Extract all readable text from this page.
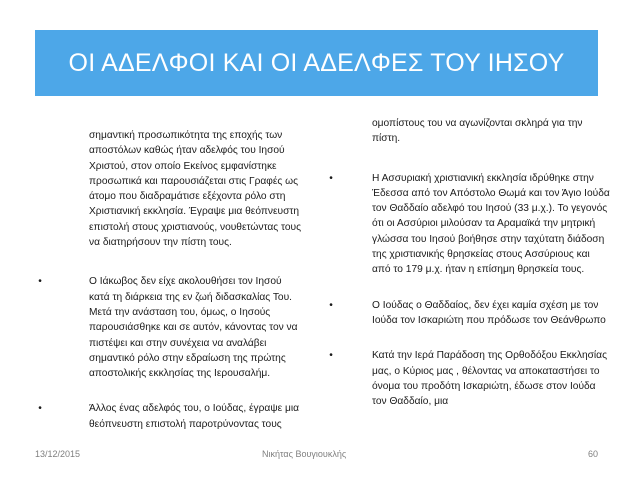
ΟΙ ΑΔΕΛΦΟΙ ΚΑΙ ΟΙ ΑΔΕΛΦΕΣ ΤΟΥ ΙΗΣΟΥ
σημαντική προσωπικότητα της εποχής των αποστόλων καθώς ήταν αδελφός του Ιησού Χριστού, στον οποίο Εκείνος εμφανίστηκε προσωπικά και παρουσιάζεται στις Γραφές ως άτομο που διαδραμάτισε εξέχοντα ρόλο στη Χριστιανική εκκλησία. Έγραψε μια θεόπνευστη επιστολή στους χριστιανούς, νουθετώντας τους να διατηρήσουν την πίστη τους.
•	Ο Ιάκωβος δεν είχε ακολουθήσει τον Ιησού κατά τη διάρκεια της εν ζωή διδασκαλίας Του. Μετά την ανάσταση του, όμως, ο Ιησούς παρουσιάσθηκε και σε αυτόν, κάνοντας τον να πιστέψει και στην συνέχεια να αναλάβει σημαντικό ρόλο στην εδραίωση της πρώτης αποστολικής εκκλησίας της Ιερουσαλήμ.
•	Άλλος ένας αδελφός του, ο Ιούδας, έγραψε μια θεόπνευστη επιστολή παροτρύνοντας τους
ομοπίστους του να αγωνίζονται σκληρά για την πίστη.
•	Η Ασσυριακή χριστιανική εκκλησία ιδρύθηκε στην Έδεσσα από τον Απόστολο Θωμά και τον Άγιο Ιούδα τον Θαδδαίο αδελφό του Ιησού (33 μ.χ.). Το γεγονός ότι οι Ασσύριοι μιλούσαν τα Αραμαϊκά την μητρική γλώσσα του Ιησού βοήθησε στην ταχύτατη διάδοση της χριστιανικής θρησκείας στους Ασσύριους και από το 179 μ.χ. ήταν η επίσημη θρησκεία τους.
•	Ο Ιούδας ο Θαδδαίος, δεν έχει καμία σχέση με τον Ιούδα τον Ισκαριώτη που πρόδωσε τον Θεάνθρωπο
•	Κατά την Ιερά Παράδοση της Ορθοδόξου Εκκλησίας μας, ο Κύριος μας , θέλοντας να αποκαταστήσει το όνομα του προδότη Ισκαριώτη, έδωσε στον Ιούδα τον Θαδδαίο, μια
13/12/2015	Νικήτας Βουγιουκλής	60
